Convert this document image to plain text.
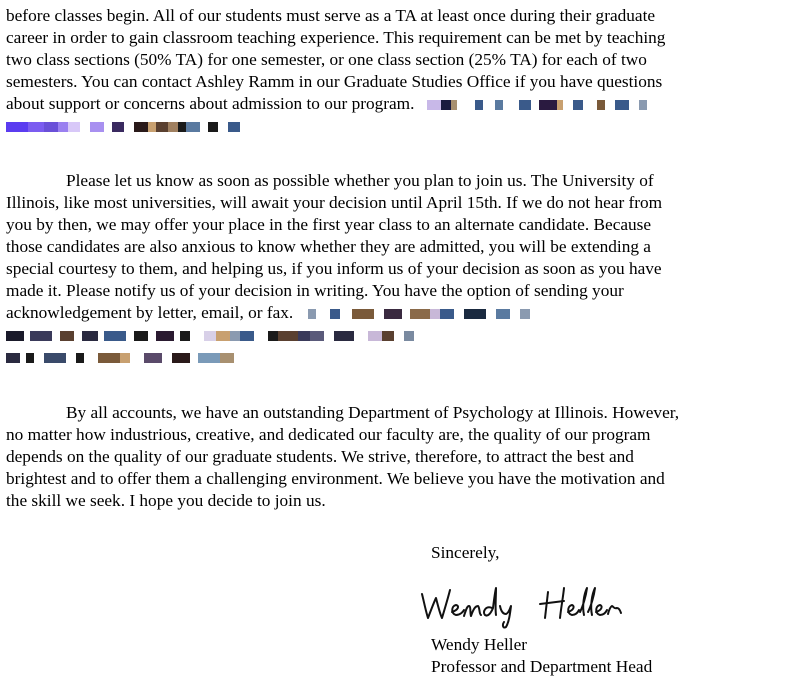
before classes begin. All of our students must serve as a TA at least once during their graduate
career in order to gain classroom teaching experience. This requirement can be met by teaching
two class sections (50% TA) for one semester, or one class section (25% TA) for each of two
semesters. You can contact Ashley Ramm in our Graduate Studies Office if you have questions
about support or concerns about admission to our program.
Please let us know as soon as possible whether you plan to join us. The University of
Illinois, like most universities, will await your decision until April 15th. If we do not hear from
you by then, we may offer your place in the first year class to an alternate candidate. Because
those candidates are also anxious to know whether they are admitted, you will be extending a
special courtesy to them, and helping us, if you inform us of your decision as soon as you have
made it. Please notify us of your decision in writing. You have the option of sending your
acknowledgement by letter, email, or fax.
By all accounts, we have an outstanding Department of Psychology at Illinois. However,
no matter how industrious, creative, and dedicated our faculty are, the quality of our program
depends on the quality of our graduate students. We strive, therefore, to attract the best and
brightest and to offer them a challenging environment. We believe you have the motivation and
the skill we seek. I hope you decide to join us.
Sincerely,
Wendy Heller
Professor and Department Head
